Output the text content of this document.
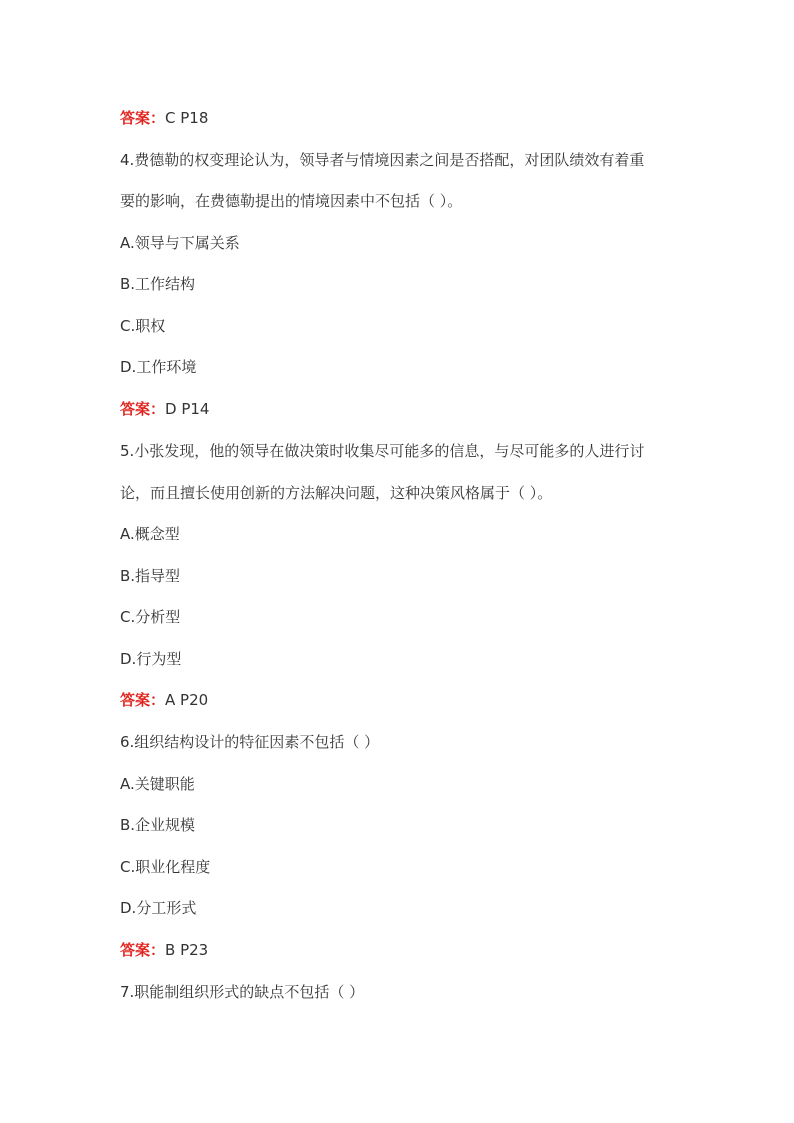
答案：C P18
4.费德勒的权变理论认为，领导者与情境因素之间是否搭配，对团队绩效有着重
要的影响，在费德勒提出的情境因素中不包括（ ）。
A.领导与下属关系
B.工作结构
C.职权
D.工作环境
答案：D P14
5.小张发现，他的领导在做决策时收集尽可能多的信息，与尽可能多的人进行讨
论，而且擅长使用创新的方法解决问题，这种决策风格属于（ ）。
A.概念型
B.指导型
C.分析型
D.行为型
答案：A P20
6.组织结构设计的特征因素不包括（ ）
A.关键职能
B.企业规模
C.职业化程度
D.分工形式
答案：B P23
7.职能制组织形式的缺点不包括（ ）
